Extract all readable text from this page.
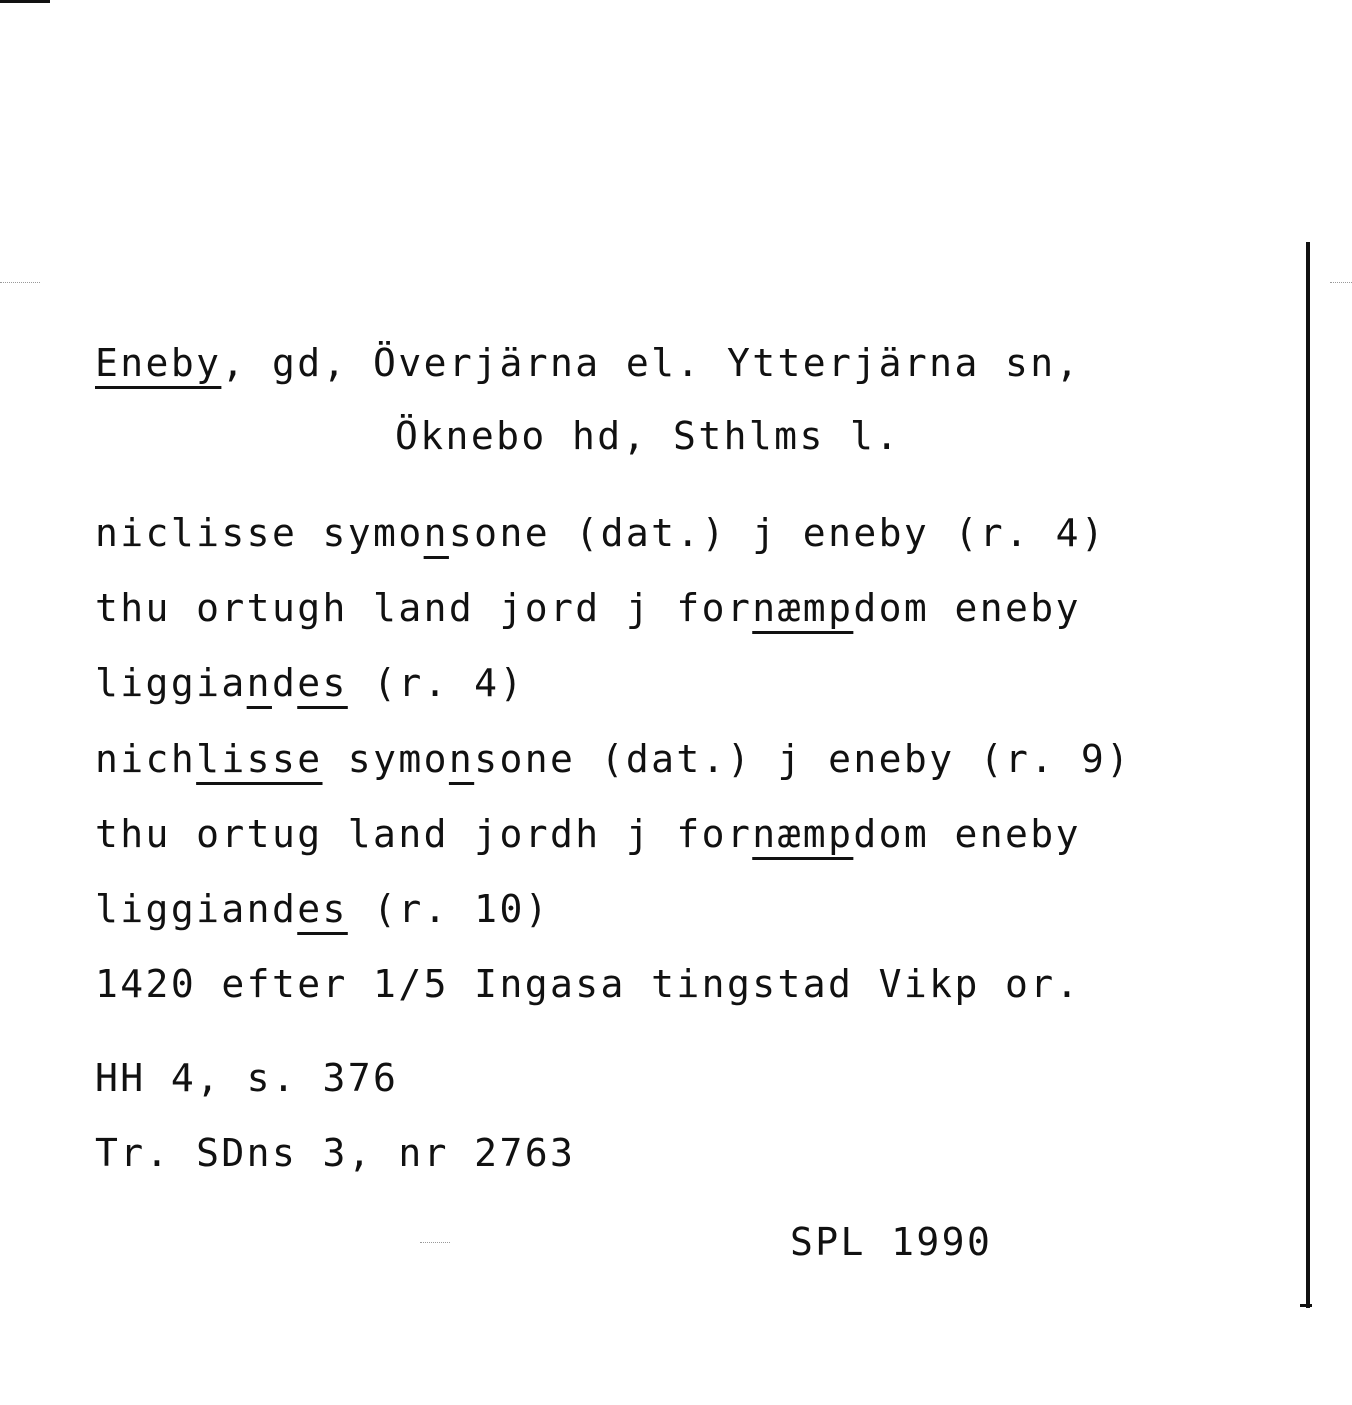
Eneby, gd, Överjärna el. Ytterjärna sn,
Öknebo hd, Sthlms l.
niclisse symonsone (dat.) j eneby (r. 4)
thu ortugh land jord j fornæmpdom eneby
liggiandes (r. 4)
nichlisse symonsone (dat.) j eneby (r. 9)
thu ortug land jordh j fornæmpdom eneby
liggiandes (r. 10)
1420 efter 1/5 Ingasa tingstad Vikp or.
HH 4, s. 376
Tr. SDns 3, nr 2763
SPL 1990
